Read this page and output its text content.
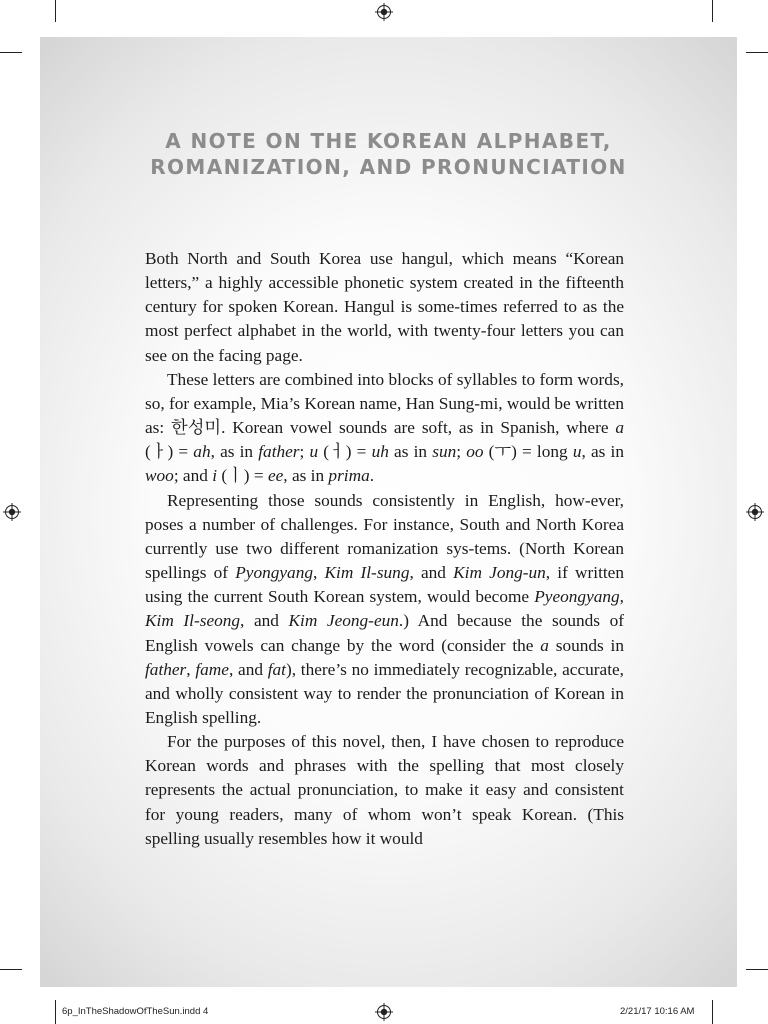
A NOTE ON THE KOREAN ALPHABET,
ROMANIZATION, AND PRONUNCIATION

Both North and South Korea use hangul, which means “Korean letters,” a highly accessible phonetic system created in the fifteenth century for spoken Korean. Hangul is some-times referred to as the most perfect alphabet in the world, with twenty-four letters you can see on the facing page.

These letters are combined into blocks of syllables to form words, so, for example, Mia’s Korean name, Han Sung-mi, would be written as: 한성미. Korean vowel sounds are soft, as in Spanish, where a (ㅏ) = ah, as in father; u (ㅓ) = uh as in sun; oo (ㅜ) = long u, as in woo; and i (ㅣ) = ee, as in prima.

Representing those sounds consistently in English, how-ever, poses a number of challenges. For instance, South and North Korea currently use two different romanization sys-tems. (North Korean spellings of Pyongyang, Kim Il-sung, and Kim Jong-un, if written using the current South Korean system, would become Pyeongyang, Kim Il-seong, and Kim Jeong-eun.) And because the sounds of English vowels can change by the word (consider the a sounds in father, fame, and fat), there’s no immediately recognizable, accurate, and wholly consistent way to render the pronunciation of Korean in English spelling.

For the purposes of this novel, then, I have chosen to reproduce Korean words and phrases with the spelling that most closely represents the actual pronunciation, to make it easy and consistent for young readers, many of whom won’t speak Korean. (This spelling usually resembles how it would

6p_InTheShadowOfTheSun.indd 4	2/21/17 10:16 AM
